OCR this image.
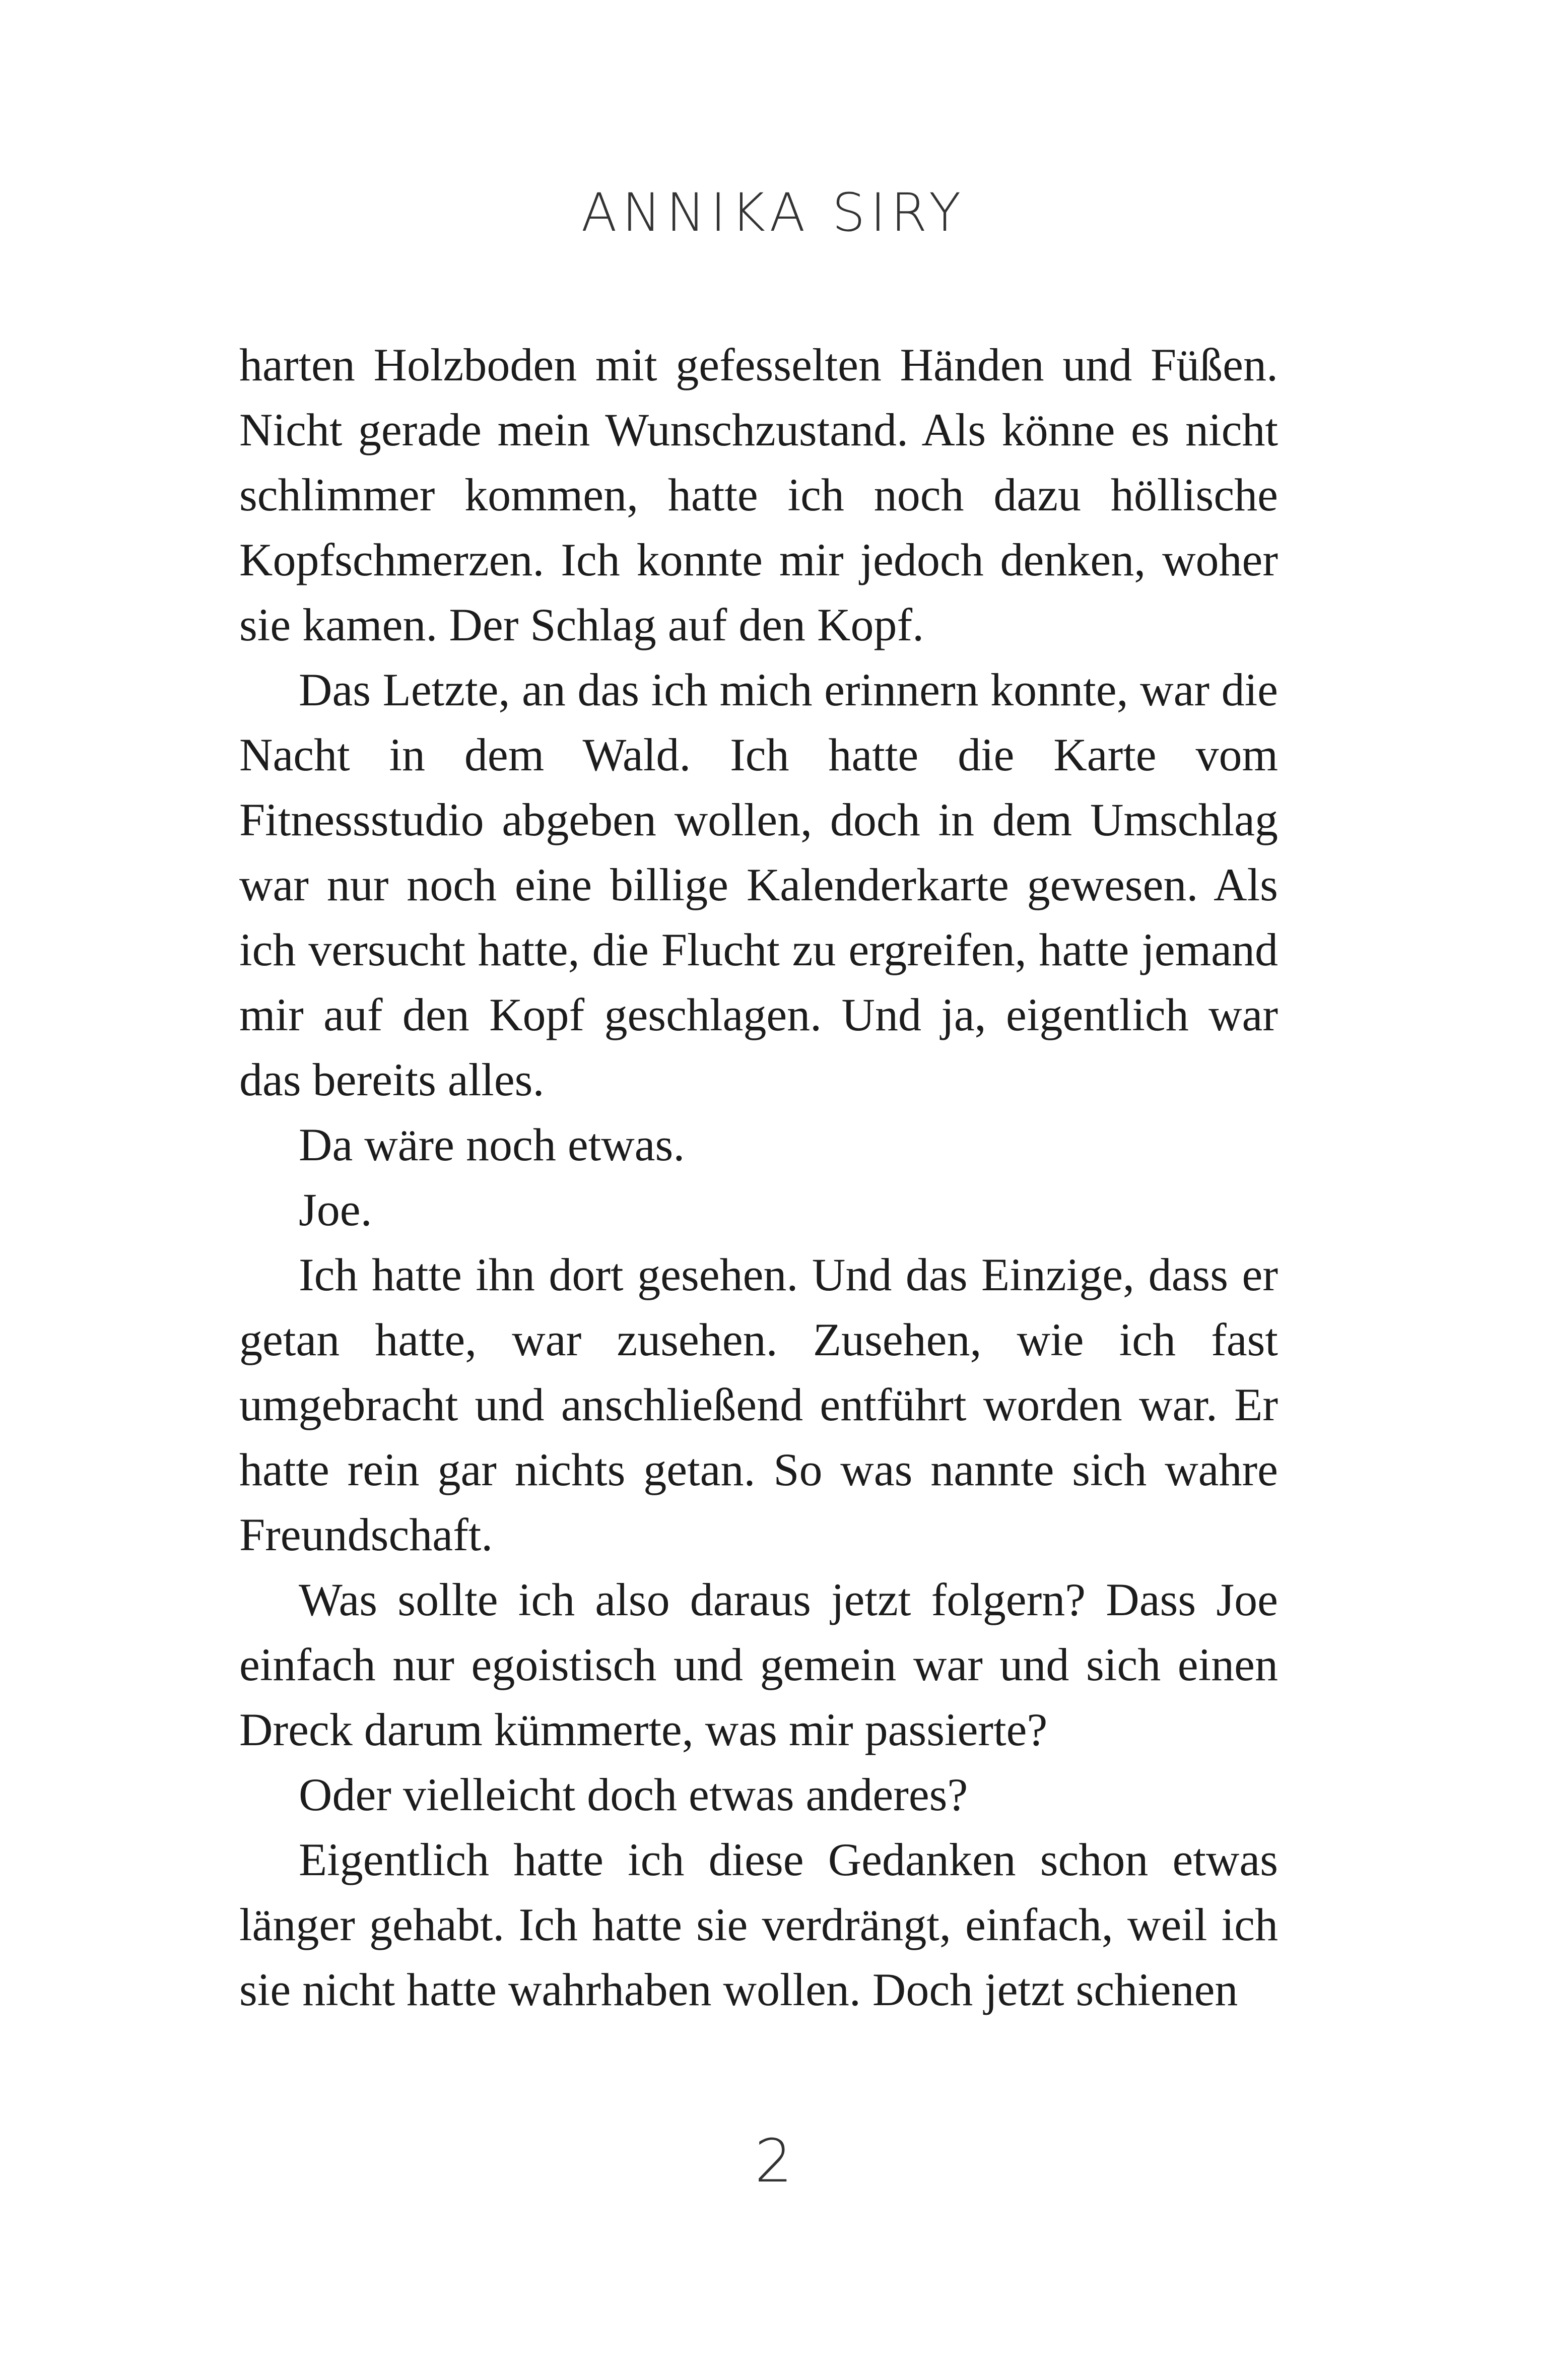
ANNIKA SIRY

harten Holzboden mit gefesselten Händen und Füßen. Nicht gerade mein Wunschzustand. Als könne es nicht schlimmer kommen, hatte ich noch dazu höllische Kopfschmerzen. Ich konnte mir jedoch denken, woher sie kamen. Der Schlag auf den Kopf.

Das Letzte, an das ich mich erinnern konnte, war die Nacht in dem Wald. Ich hatte die Karte vom Fitnessstudio abgeben wollen, doch in dem Umschlag war nur noch eine billige Kalenderkarte gewesen. Als ich versucht hatte, die Flucht zu ergreifen, hatte jemand mir auf den Kopf geschlagen. Und ja, eigentlich war das bereits alles.

Da wäre noch etwas.

Joe.

Ich hatte ihn dort gesehen. Und das Einzige, dass er getan hatte, war zusehen. Zusehen, wie ich fast umgebracht und anschließend entführt worden war. Er hatte rein gar nichts getan. So was nannte sich wahre Freundschaft.

Was sollte ich also daraus jetzt folgern? Dass Joe einfach nur egoistisch und gemein war und sich einen Dreck darum kümmerte, was mir passierte?

Oder vielleicht doch etwas anderes?

Eigentlich hatte ich diese Gedanken schon etwas länger gehabt. Ich hatte sie verdrängt, einfach, weil ich sie nicht hatte wahrhaben wollen. Doch jetzt schienen

2
